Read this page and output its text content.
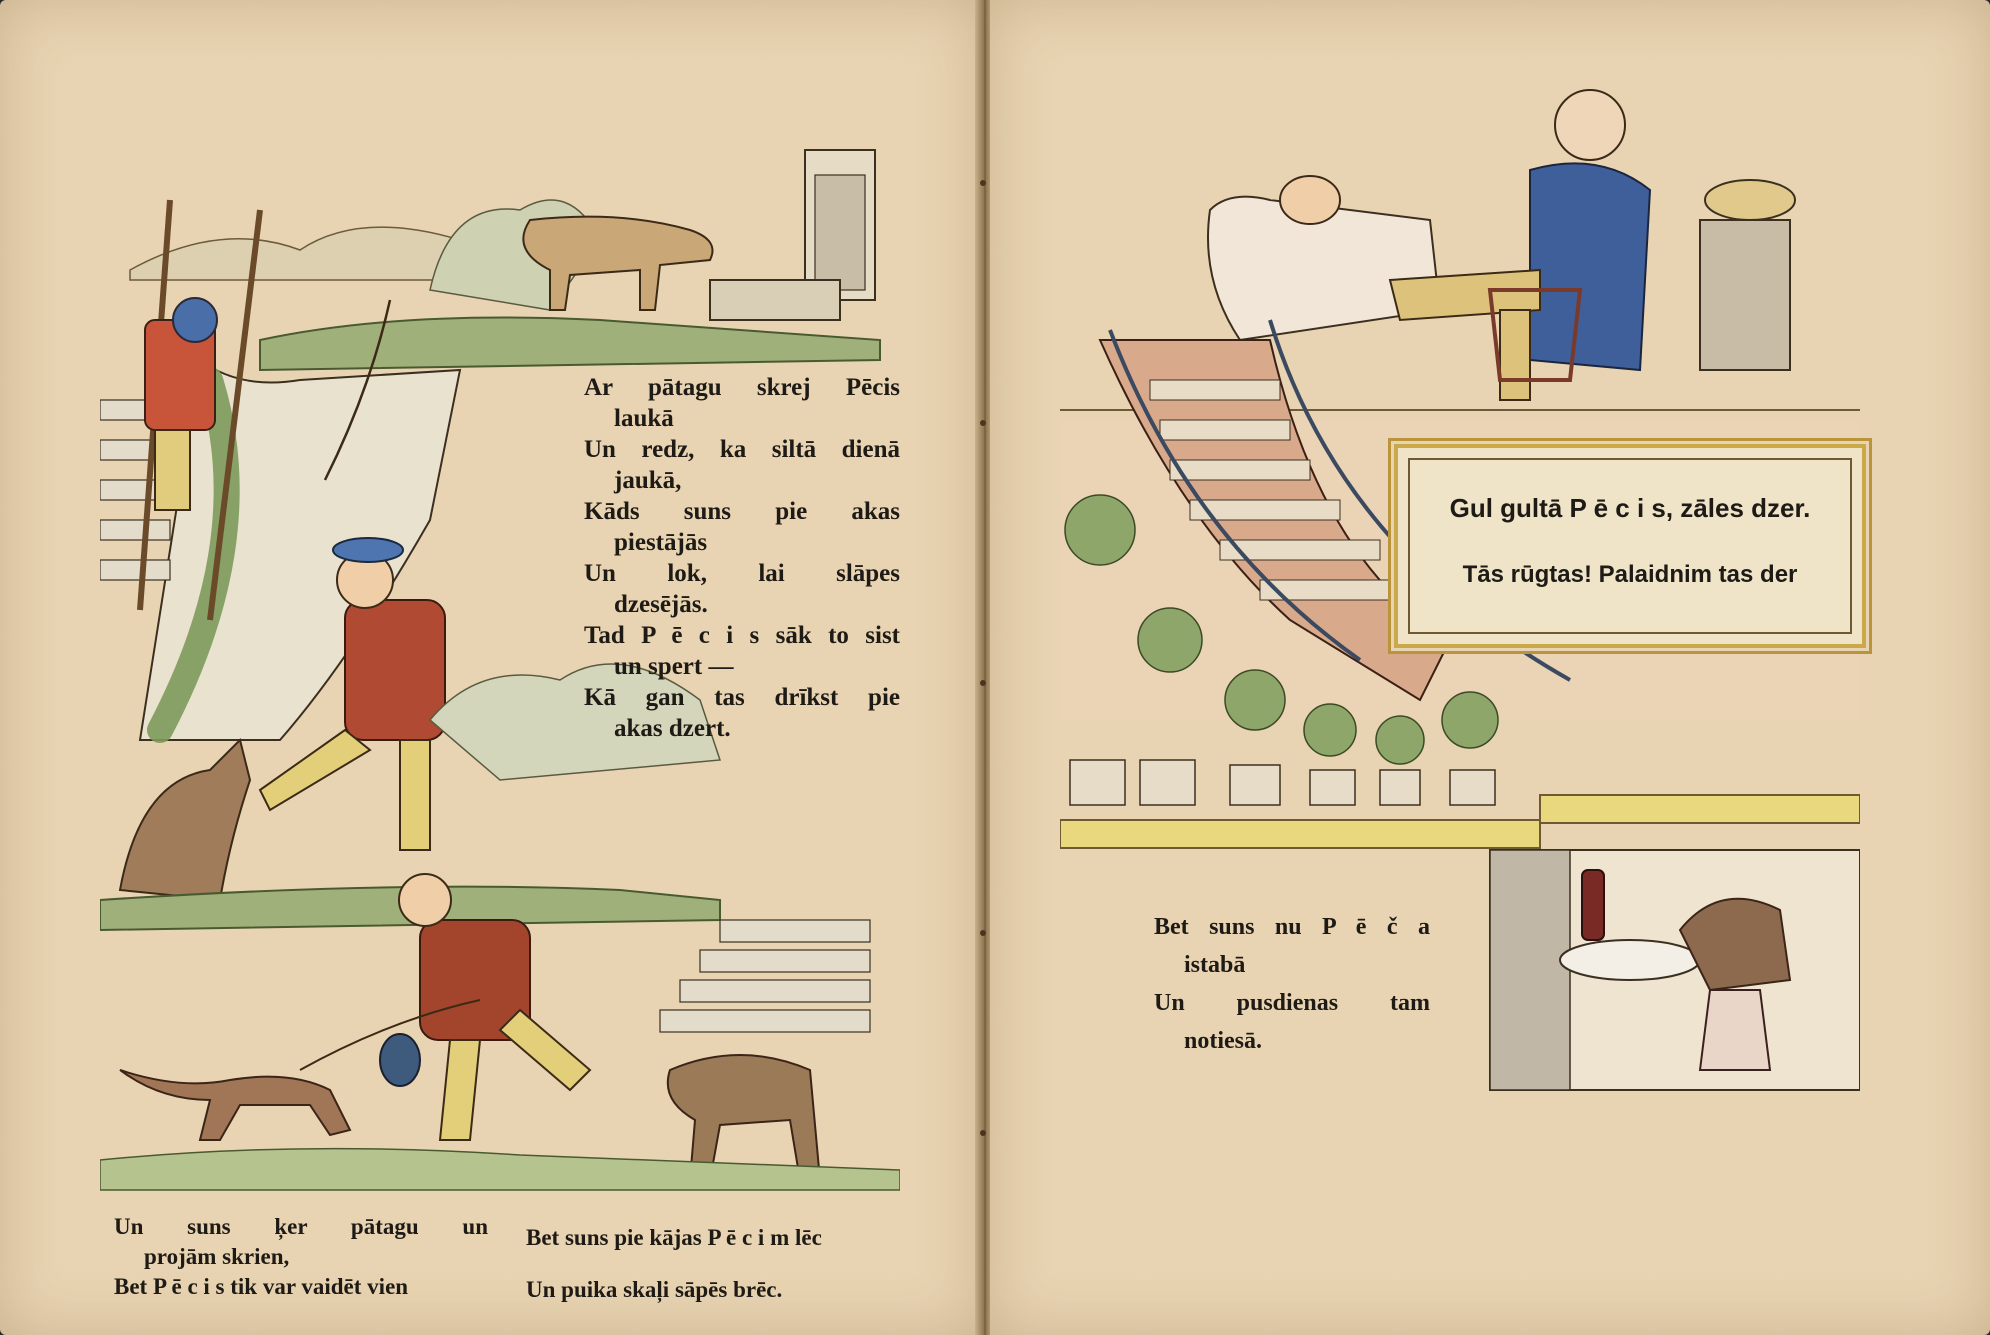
Ar pātagu skrej Pēcis
laukā
Un redz, ka siltā dienā
jaukā,
Kāds suns pie akas
piestājās
Un lok, lai slāpes
dzesējās.
Tad P ē c i s sāk to sist
un spert —
Kā gan tas drīkst pie
akas dzert.
Un suns ķer pātagu un
projām skrien,
Bet P ē c i s tik var vaidēt vien
Bet suns pie kājas P ē c i m lēc
Un puika skaļi sāpēs brēc.
Gul gultā P ē c i s, zāles dzer.
Tās rūgtas! Palaidnim tas der
Bet suns nu P ē č a
istabā
Un pusdienas tam
notiesā.
